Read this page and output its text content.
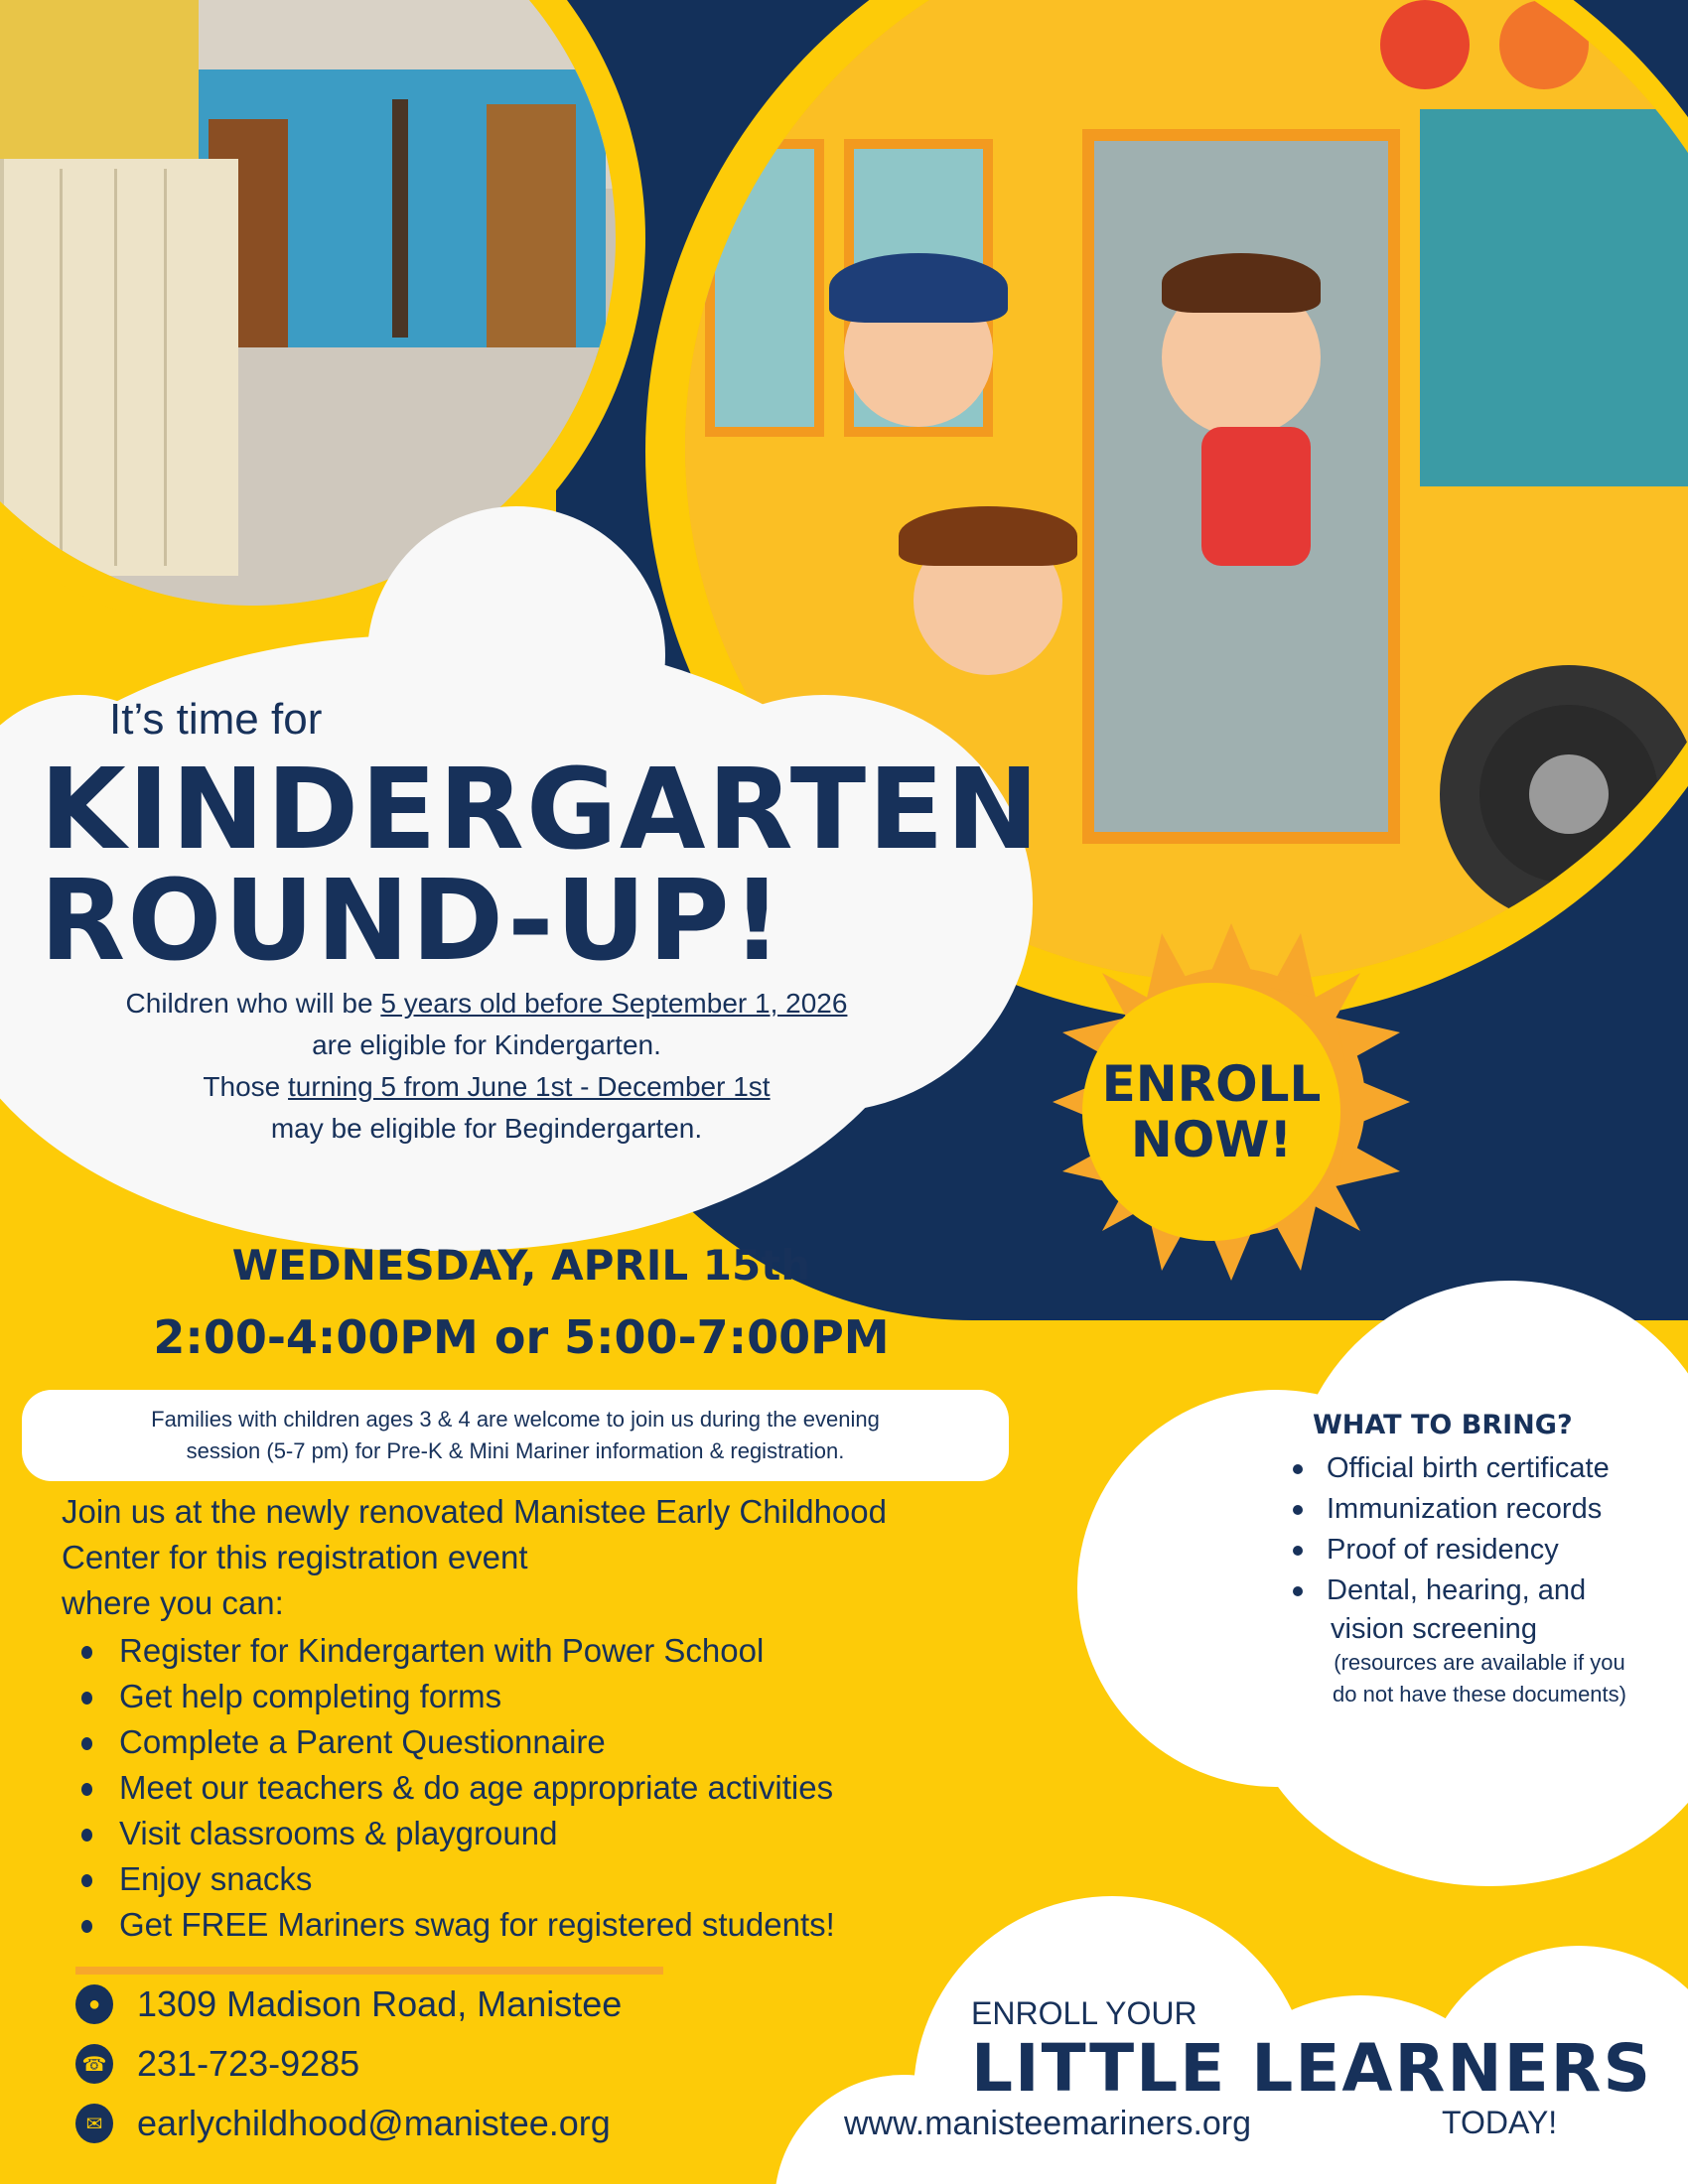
It’s time for
KINDERGARTEN
ROUND-UP!
Children who will be 5 years old before September 1, 2026
are eligible for Kindergarten.
Those turning 5 from June 1st - December 1st
may be eligible for Begindergarten.
ENROLL
NOW!
WEDNESDAY, APRIL 15th
2:00-4:00PM or 5:00-7:00PM
Families with children ages 3 & 4 are welcome to join us during the evening
session (5-7 pm) for Pre-K & Mini Mariner information & registration.
Join us at the newly renovated Manistee Early Childhood
Center for this registration event
where you can:
Register for Kindergarten with Power School
Get help completing forms
Complete a Parent Questionnaire
Meet our teachers & do age appropriate activities
Visit classrooms & playground
Enjoy snacks
Get FREE Mariners swag for registered students!
●	1309 Madison Road, Manistee
☎ 231-723-9285
✉ earlychildhood@manistee.org
WHAT TO BRING?
Official birth certificate
Immunization records
Proof of residency
Dental, hearing, and
vision screening
(resources are available if you
do not have these documents)
ENROLL YOUR
LITTLE LEARNERS
www.manisteemariners.org	TODAY!
